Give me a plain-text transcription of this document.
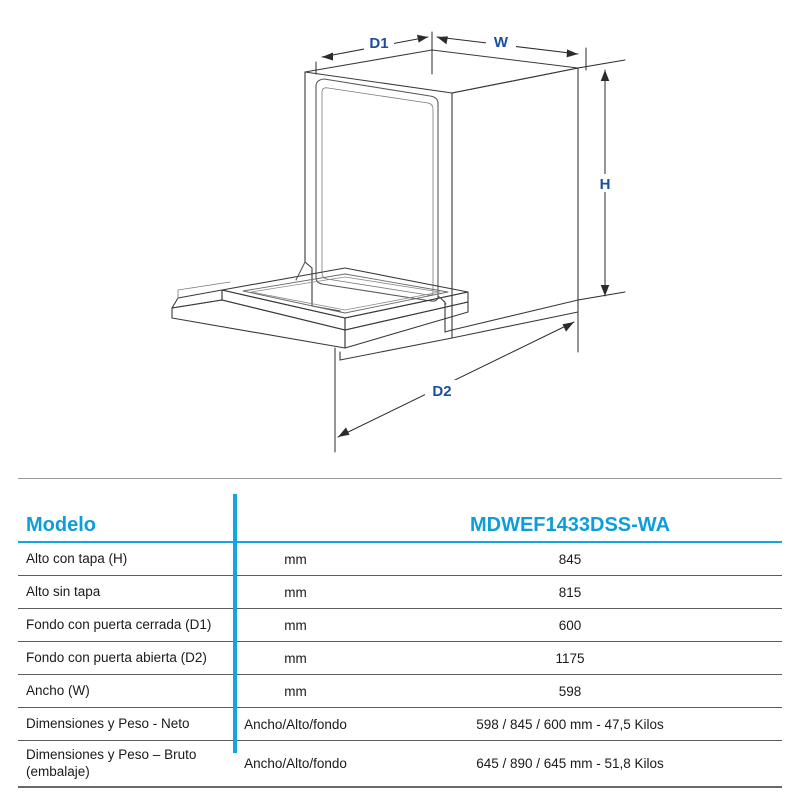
D1	W
H
D2
Modelo		MDWEF1433DSS-WA
Alto con tapa (H)	mm	845
Alto sin tapa	mm	815
Fondo con puerta cerrada (D1)	mm	600
Fondo con puerta abierta (D2)	mm	1175
Ancho (W)	mm	598
Dimensiones y Peso - Neto	Ancho/Alto/fondo	598 / 845 / 600 mm - 47,5 Kilos
Dimensiones y Peso – Bruto (embalaje)	Ancho/Alto/fondo	645 / 890 / 645 mm - 51,8 Kilos
